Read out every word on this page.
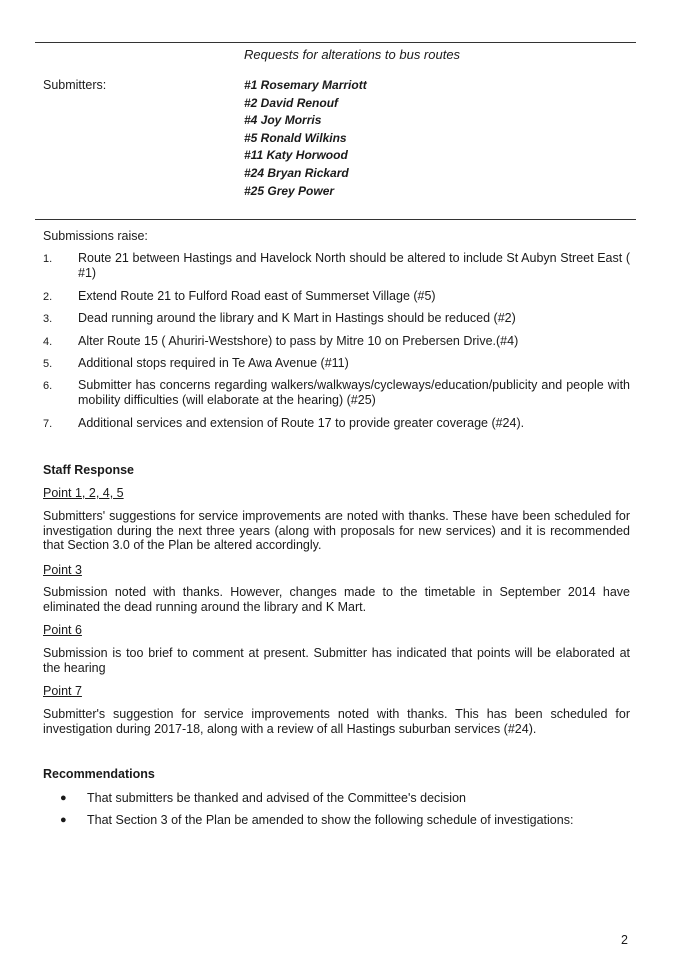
Requests for alterations to bus routes
Submitters:	#1 Rosemary Marriott
#2 David Renouf
#4 Joy Morris
#5 Ronald Wilkins
#11 Katy Horwood
#24 Bryan Rickard
#25 Grey Power
Submissions raise:
1.	Route 21 between Hastings and Havelock North should be altered to include St Aubyn Street East ( #1)
2.	Extend Route 21 to Fulford Road east of Summerset Village (#5)
3.	Dead running around the library and K Mart in Hastings should be reduced (#2)
4.	Alter Route 15 ( Ahuriri-Westshore) to pass by Mitre 10 on Prebersen Drive.(#4)
5.	Additional stops required in Te Awa Avenue (#11)
6.	Submitter has concerns regarding walkers/walkways/cycleways/education/publicity and people with mobility difficulties (will elaborate at the hearing) (#25)
7.	Additional services and extension of Route 17 to provide greater coverage (#24).
Staff Response
Point 1, 2, 4, 5

Submitters' suggestions for service improvements are noted with thanks. These have been scheduled for investigation during the next three years (along with proposals for new services) and it is recommended that Section 3.0 of the Plan be altered accordingly.

Point 3

Submission noted with thanks. However, changes made to the timetable in September 2014 have eliminated the dead running around the library and K Mart.

Point 6

Submission is too brief to comment at present. Submitter has indicated that points will be elaborated at the hearing

Point 7

Submitter's suggestion for service improvements noted with thanks. This has been scheduled for investigation during 2017-18, along with a review of all Hastings suburban services (#24).

Recommendations
●	That submitters be thanked and advised of the Committee's decision
●	That Section 3 of the Plan be amended to show the following schedule of investigations:
2
